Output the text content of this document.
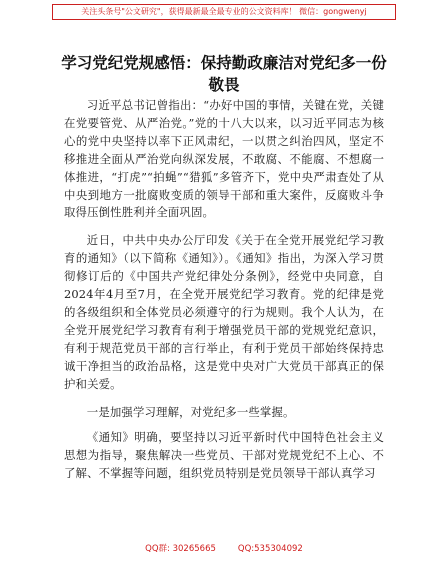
关注头条号"公文研究"，获得最新最全最专业的公文资料库！ 微信：gongwenyj
学习党纪党规感悟：保持勤政廉洁对党纪多一份敬畏

习近平总书记曾指出：“办好中国的事情，关键在党，关键在党要管党、从严治党。”党的十八大以来，以习近平同志为核心的党中央坚持以率下正风肃纪，一以贯之纠治四风，坚定不移推进全面从严治党向纵深发展，不敢腐、不能腐、不想腐一体推进，“打虎”“拍蝇”“猎狐”多管齐下，党中央严肃查处了从中央到地方一批腐败变质的领导干部和重大案件，反腐败斗争取得压倒性胜利并全面巩固。

近日，中共中央办公厅印发《关于在全党开展党纪学习教育的通知》（以下简称《通知》）。《通知》指出，为深入学习贯彻修订后的《中国共产党纪律处分条例》，经党中央同意，自2024年4月至7月，在全党开展党纪学习教育。党的纪律是党的各级组织和全体党员必须遵守的行为规则。我个人认为，在全党开展党纪学习教育有利于增强党员干部的党规党纪意识，有利于规范党员干部的言行举止，有利于党员干部始终保持忠诚干净担当的政治品格，这是党中央对广大党员干部真正的保护和关爱。

一是加强学习理解，对党纪多一些掌握。

《通知》明确，要坚持以习近平新时代中国特色社会主义思想为指导，聚焦解决一些党员、干部对党规党纪不上心、不了解、不掌握等问题，组织党员特别是党员领导干部认真学习

QQ群: 30265665	QQ:535304092
